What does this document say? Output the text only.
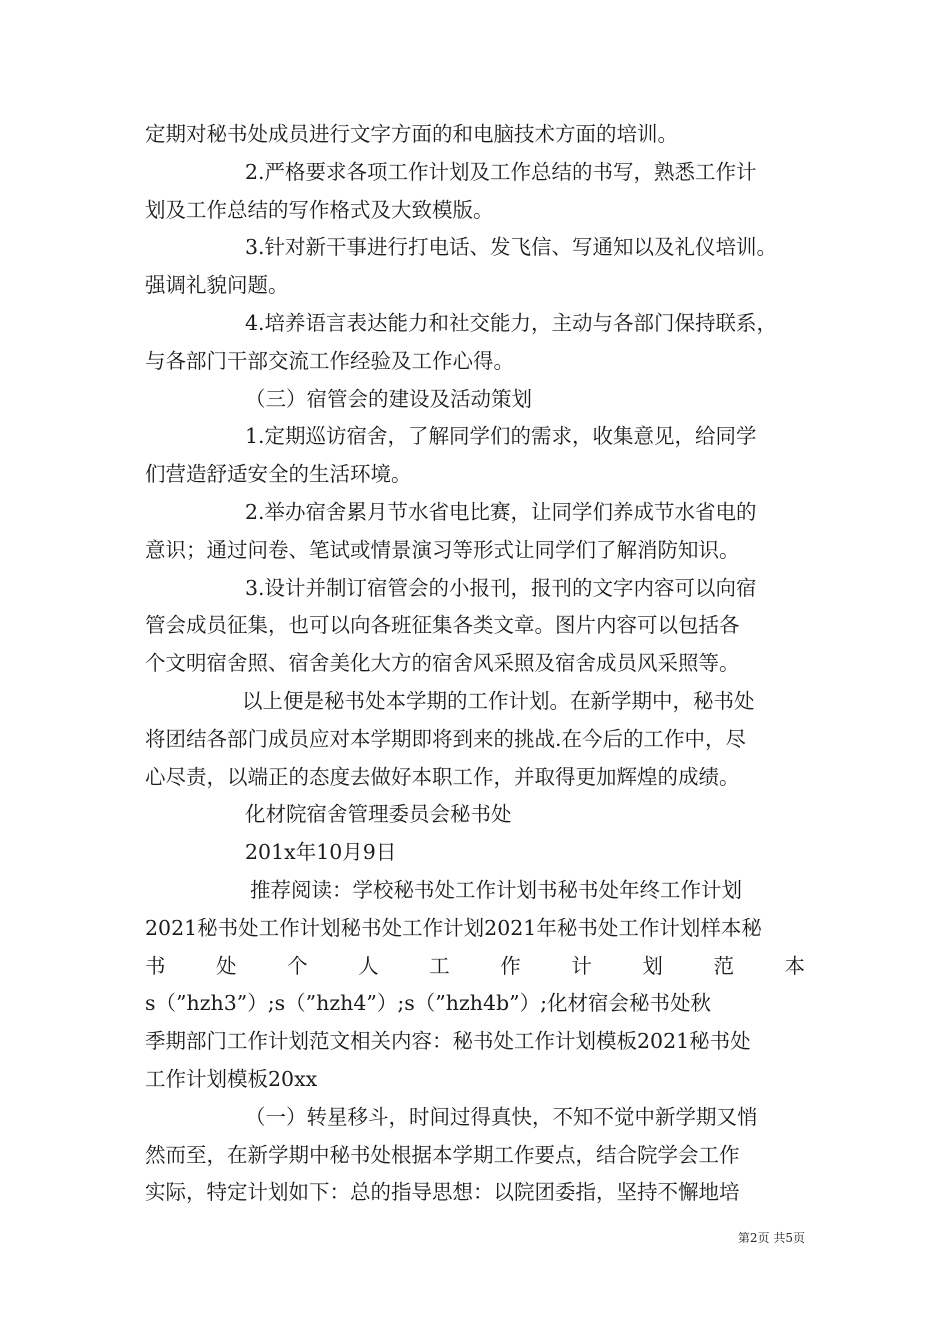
定期对秘书处成员进行文字方面的和电脑技术方面的培训。
2.严格要求各项工作计划及工作总结的书写，熟悉工作计
划及工作总结的写作格式及大致模版。
3.针对新干事进行打电话、发飞信、写通知以及礼仪培训。
强调礼貌问题。
4.培养语言表达能力和社交能力，主动与各部门保持联系，
与各部门干部交流工作经验及工作心得。
（三）宿管会的建设及活动策划
1.定期巡访宿舍，了解同学们的需求，收集意见，给同学
们营造舒适安全的生活环境。
2.举办宿舍累月节水省电比赛，让同学们养成节水省电的
意识；通过问卷、笔试或情景演习等形式让同学们了解消防知识。
3.设计并制订宿管会的小报刊，报刊的文字内容可以向宿
管会成员征集，也可以向各班征集各类文章。图片内容可以包括各
个文明宿舍照、宿舍美化大方的宿舍风采照及宿舍成员风采照等。
以上便是秘书处本学期的工作计划。在新学期中，秘书处
将团结各部门成员应对本学期即将到来的挑战.在今后的工作中，尽
心尽责，以端正的态度去做好本职工作，并取得更加辉煌的成绩。
化材院宿舍管理委员会秘书处
201x年10月9日
推荐阅读：学校秘书处工作计划书秘书处年终工作计划
2021秘书处工作计划秘书处工作计划2021年秘书处工作计划样本秘
书　处　个　人　工　作　计　划　范　本
s（”hzh3”）;s（”hzh4”）;s（”hzh4b”）;化材宿会秘书处秋
季期部门工作计划范文相关内容：秘书处工作计划模板2021秘书处
工作计划模板20xx
（一）转星移斗，时间过得真快，不知不觉中新学期又悄
然而至，在新学期中秘书处根据本学期工作要点，结合院学会工作
实际，特定计划如下：总的指导思想：以院团委指，坚持不懈地培
第2页 共5页
